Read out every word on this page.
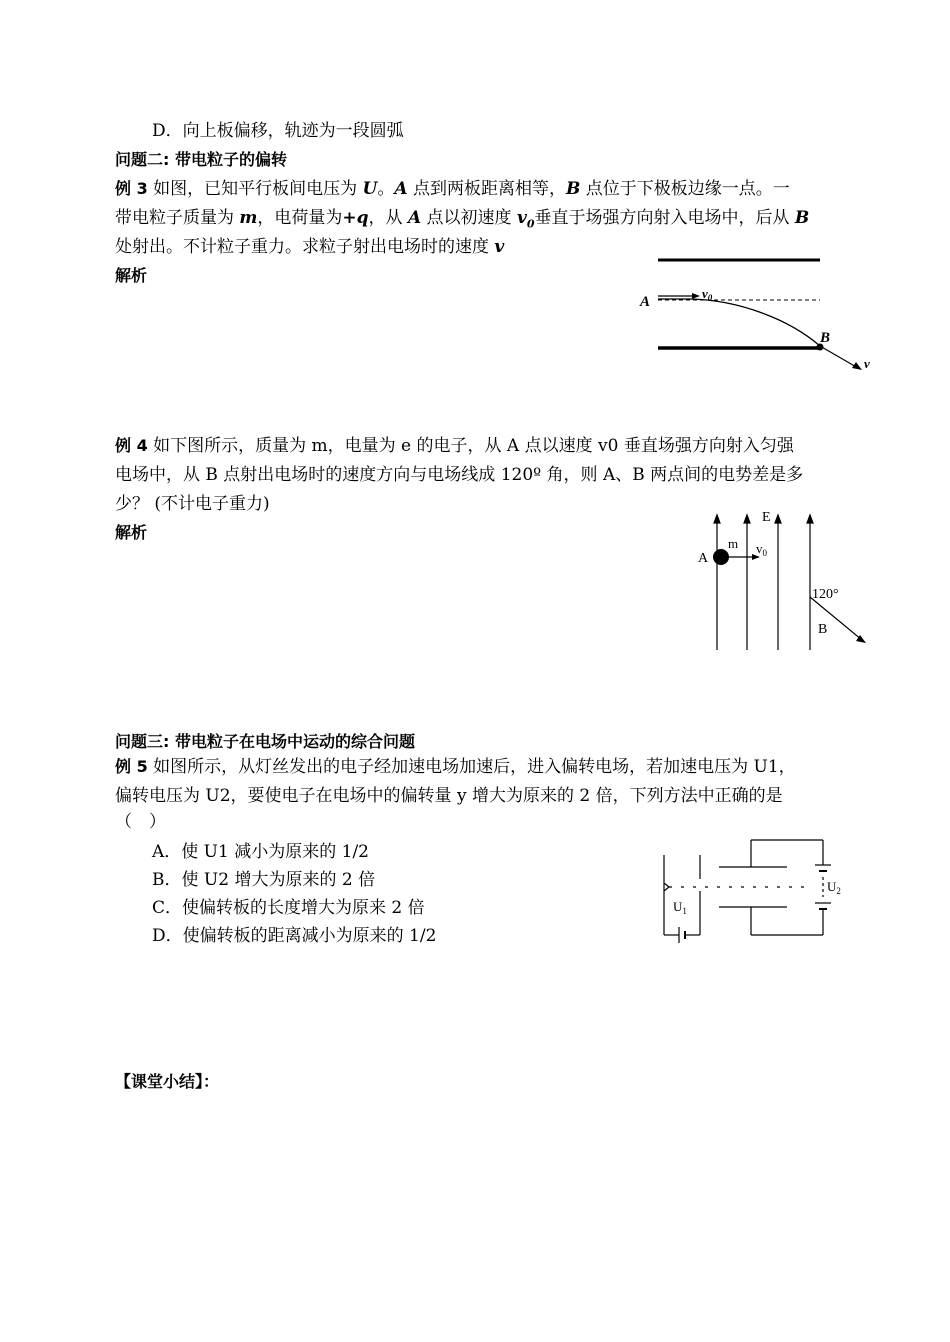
D．向上板偏移，轨迹为一段圆弧
问题二: 带电粒子的偏转
例 3 如图，已知平行板间电压为 U。A 点到两板距离相等，B 点位于下极板边缘一点。一
带电粒子质量为 m，电荷量为+q，从 A 点以初速度 $v_0$垂直于场强方向射入电场中，后从 B
处射出。不计粒子重力。求粒子射出电场时的速度 v
解析
A
$v_0$
B
v
例 4 如下图所示，质量为 m，电量为 e 的电子，从 A 点以速度 v0 垂直场强方向射入匀强
电场中，从 B 点射出电场时的速度方向与电场线成 120º 角，则 A、B 两点间的电势差是多
少？ (不计电子重力)
解析
A
m $v_0$
E
120°
B
问题三: 带电粒子在电场中运动的综合问题
例 5 如图所示，从灯丝发出的电子经加速电场加速后，进入偏转电场，若加速电压为 U1，
偏转电压为 U2，要使电子在电场中的偏转量 y 增大为原来的 2 倍，下列方法中正确的是
（　）
A．使 U1 减小为原来的 1/2
B．使 U2 增大为原来的 2 倍
C．使偏转板的长度增大为原来 2 倍
D．使偏转板的距离减小为原来的 1/2
$U_1$
$U_2$
【课堂小结】：
